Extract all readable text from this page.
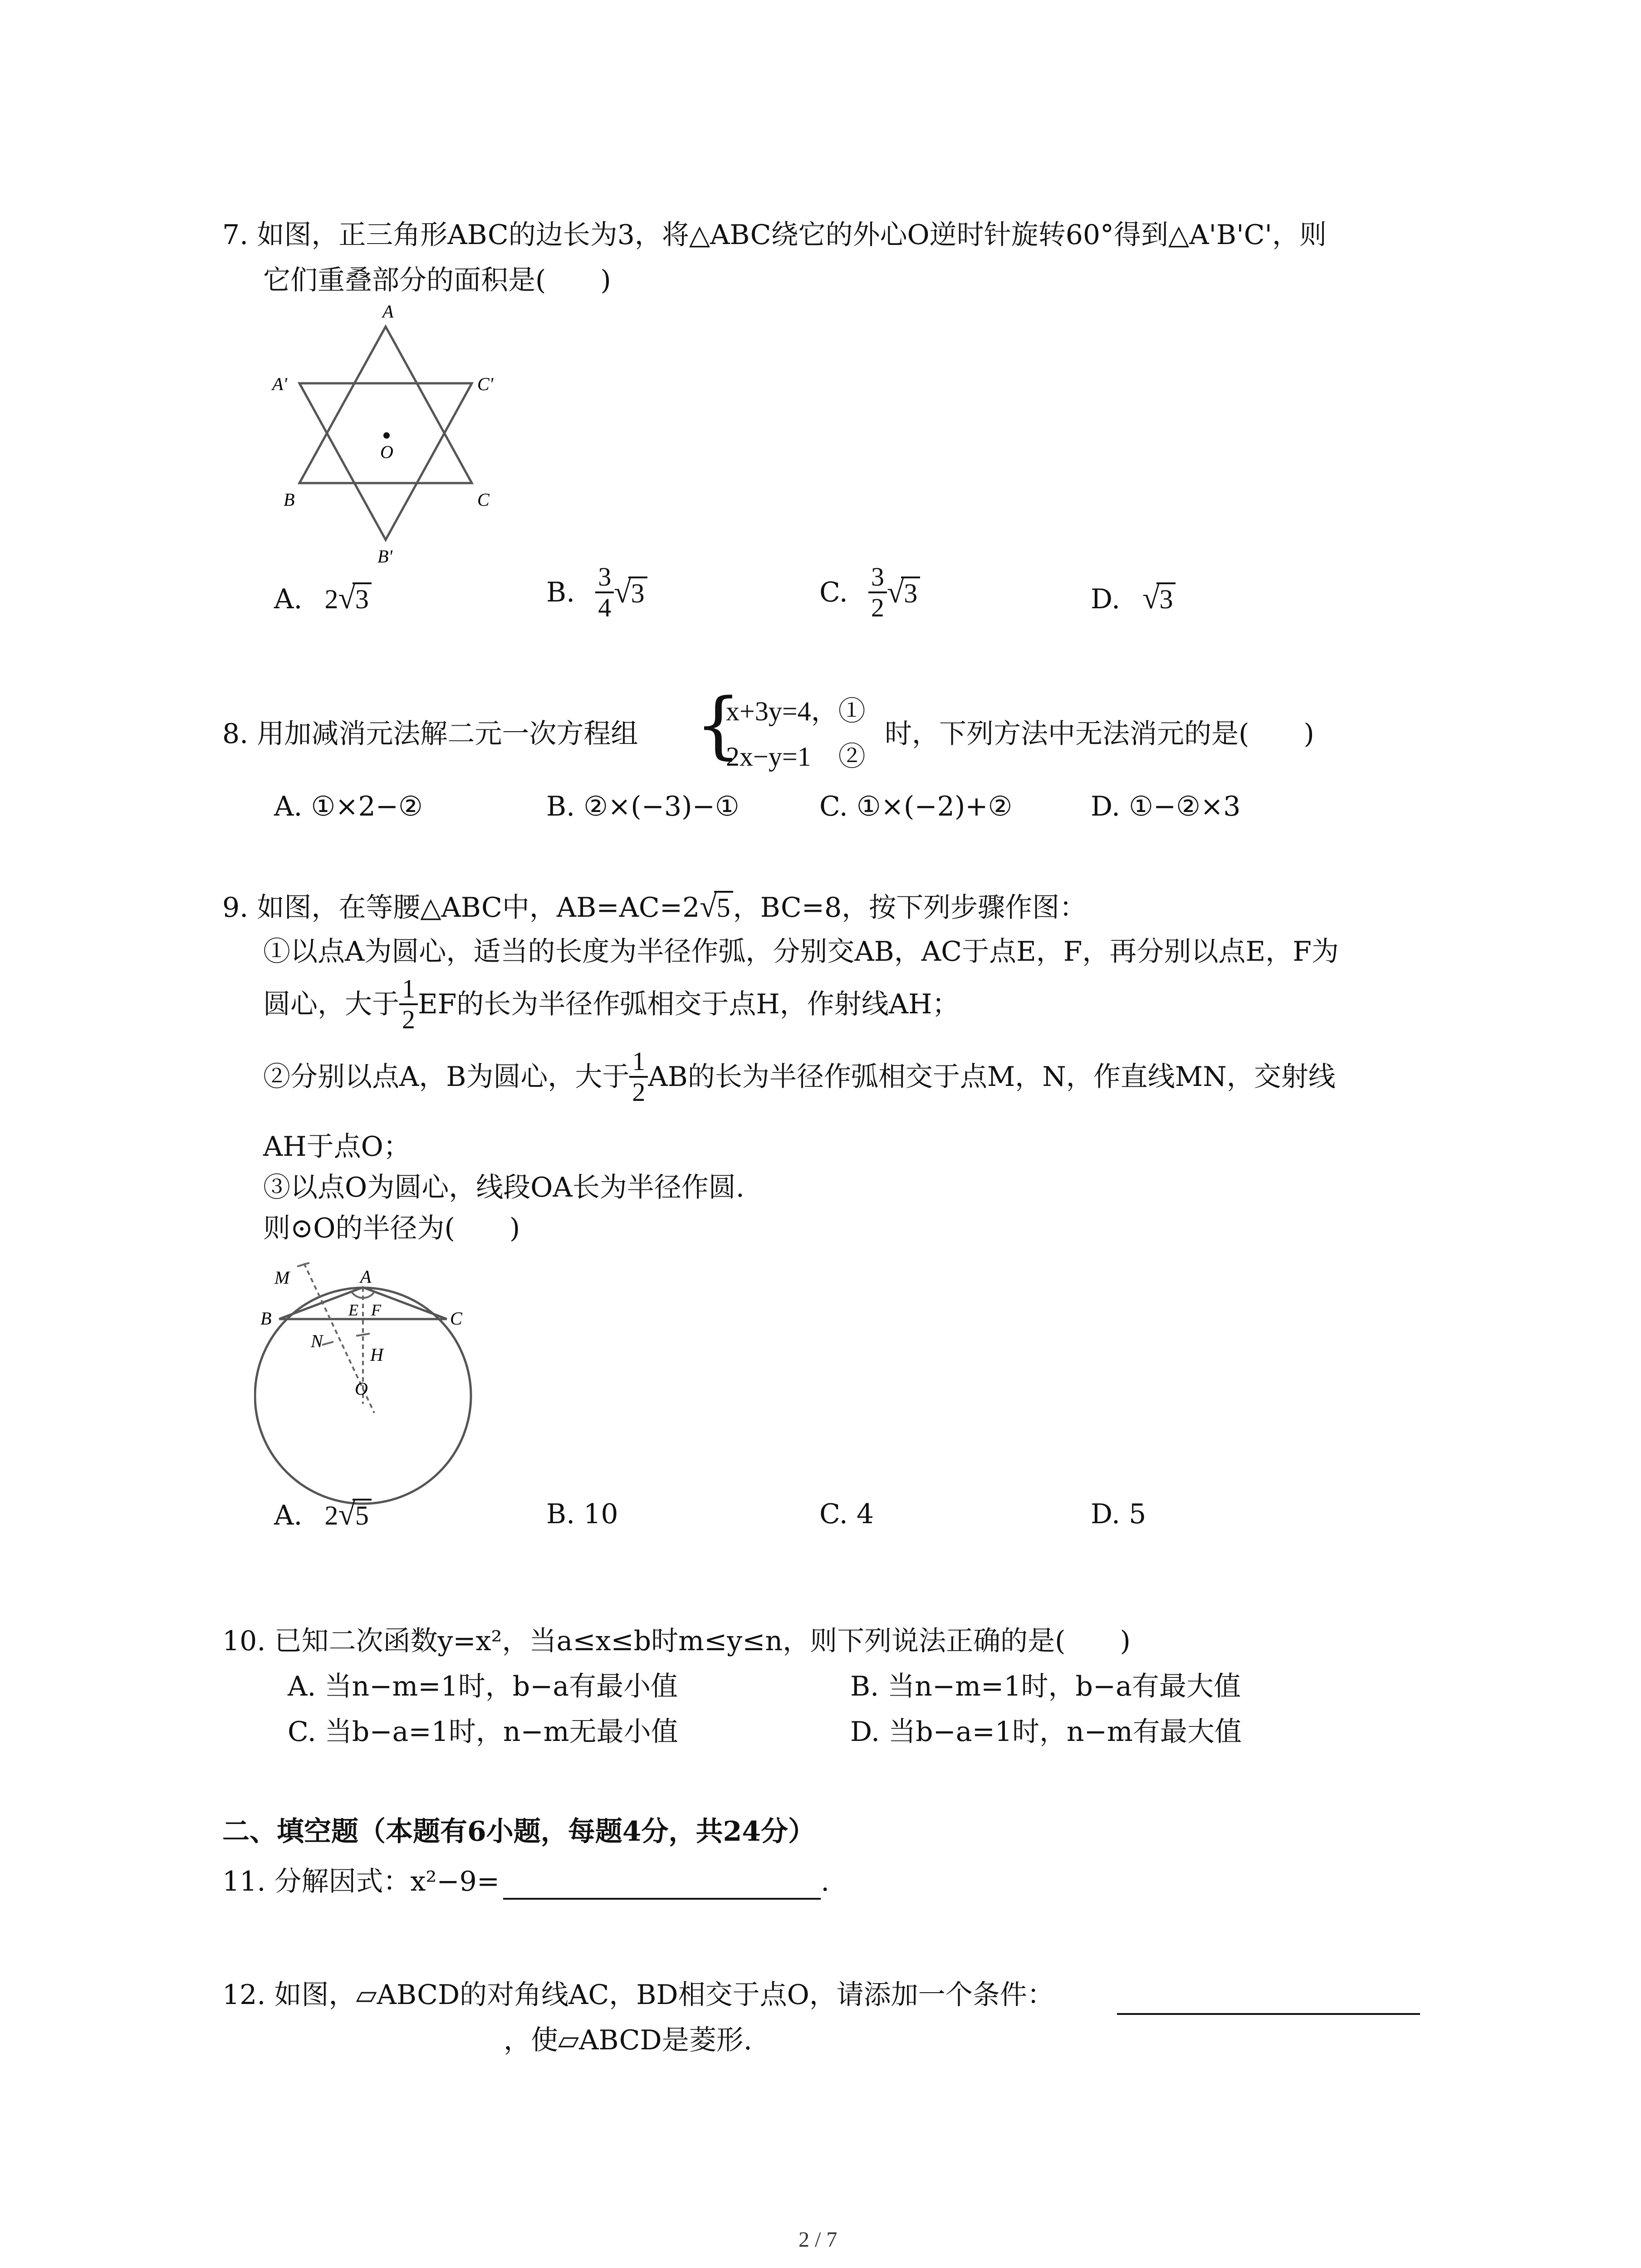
7. 如图，正三角形ABC的边长为3，将△ABC绕它的外心O逆时针旋转60°得到△A'B'C'，则
它们重叠部分的面积是(　　)
A
A'	C'
O
B	C
B'
A. 2√3	B. $\frac{3}{4} √3$	C. $\frac{3}{2} √3$	D. √3
8. 用加减消元法解二元一次方程组 {
x+3y=4，①
2x−y=1　②
时，下列方法中无法消元的是(　　)
A. ①×2−②	B. ②×(−3)−①	C. ①×(−2)+②	D. ①−②×3
9. 如图，在等腰△ABC中，AB=AC=2√5 ，BC=8，按下列步骤作图：
①以点A为圆心，适当的长度为半径作弧，分别交AB，AC于点E，F，再分别以点E，F为
圆心，大于 $\frac{1}{2}$ EF的长为半径作弧相交于点H，作射线AH；
②分别以点A，B为圆心，大于 $\frac{1}{2}$ AB的长为半径作弧相交于点M，N，作直线MN，交射线
AH于点O；
③以点O为圆心，线段OA长为半径作圆.
则⊙O的半径为(　　)
M	A
B	E F	C
N
H
O
A. 2√5	B. 10	C. 4	D. 5
10. 已知二次函数y=x²，当a≤x≤b时m≤y≤n，则下列说法正确的是(　　)
A. 当n−m=1时，b−a有最小值	B. 当n−m=1时，b−a有最大值
C. 当b−a=1时，n−m无最小值	D. 当b−a=1时，n−m有最大值
二、填空题（本题有6小题，每题4分，共24分）
11. 分解因式：x²−9=	.
12. 如图，▱ABCD的对角线AC，BD相交于点O，请添加一个条件：
，使▱ABCD是菱形.
2 / 7
